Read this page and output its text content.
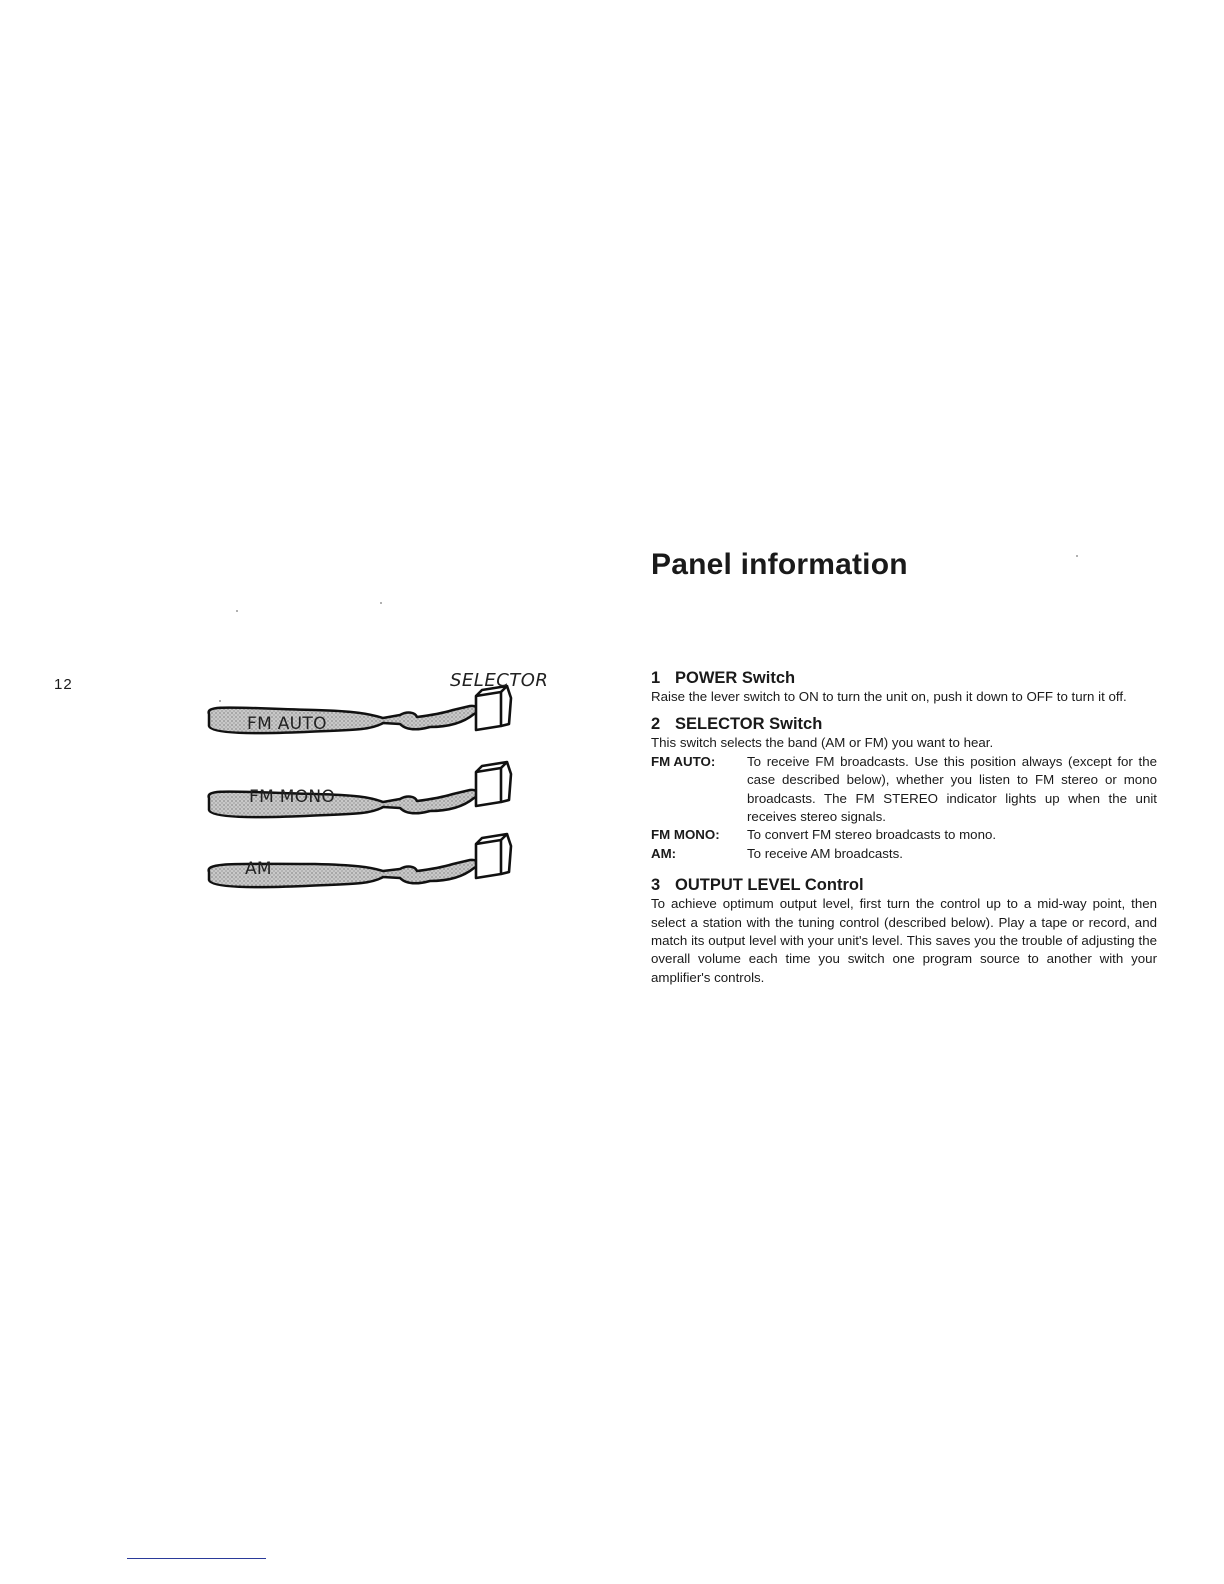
12	SELECTOR
FM AUTO
FM MONO
AM
Panel information
1 POWER Switch

Raise the lever switch to ON to turn the unit on, push it down to OFF to turn it off.

2 SELECTOR Switch

This switch selects the band (AM or FM) you want to hear.

FM AUTO:	To receive FM broadcasts. Use this position always (except for the case described below), whether you listen to FM stereo or mono broadcasts. The FM STEREO indicator lights up when the unit receives stereo signals.
FM MONO:	To convert FM stereo broadcasts to mono.
AM:	To receive AM broadcasts.
3 OUTPUT LEVEL Control

To achieve optimum output level, first turn the control up to a mid-way point, then select a station with the tuning control (described below). Play a tape or record, and match its output level with your unit's level. This saves you the trouble of adjusting the overall volume each time you switch one program source to another with your amplifier's controls.
